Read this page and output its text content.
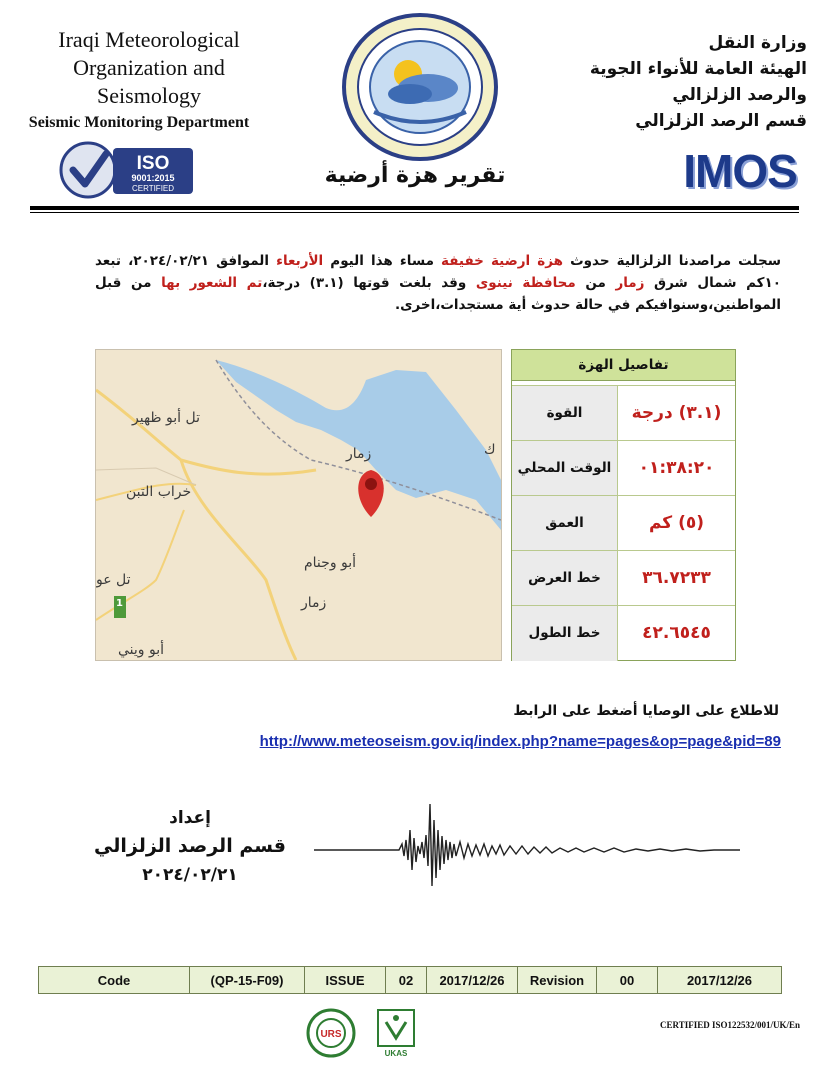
Iraqi Meteorological
Organization and
Seismology
Seismic Monitoring Department
ISO
9001:2015
CERTIFIED
وزارة النقل
الهيئة العامة للأنواء الجوية
والرصد الزلزالي
قسم الرصد الزلزالي
IMOS
تقرير هزة أرضية
سجلت مراصدنا الزلزالية حدوث هزة ارضية خفيفة مساء هذا اليوم الأربعاء الموافق ٢٠٢٤/٠٢/٢١، تبعد ١٠كم شمال شرق زمار من محافظة نينوى وقد بلغت قوتها (٣.١) درجة،تم الشعور بها من قبل المواطنين،وسنوافيكم في حالة حدوث أية مستجدات،اخرى.
تل أبو ظهير
زمار
خراب التبن
أبو وجنام
تل عو
زمار
أبو ويني
ك
1
تفاصيل الهزة
القوة	(٣.١) درجة
الوقت المحلي	٠١:٣٨:٢٠
العمق	(٥) كم
خط العرض	٣٦.٧٢٣٣
خط الطول	٤٢.٦٥٤٥
للاطلاع على الوصايا أضغط على الرابط
http://www.meteoseism.gov.iq/index.php?name=pages&op=page&pid=89
إعداد
قسم الرصد الزلزالي
٢٠٢٤/٠٢/٢١
Code	(QP-15-F09)	ISSUE	02	2017/12/26	Revision	00	2017/12/26
URS
UKAS
CERTIFIED ISO122532/001/UK/En
